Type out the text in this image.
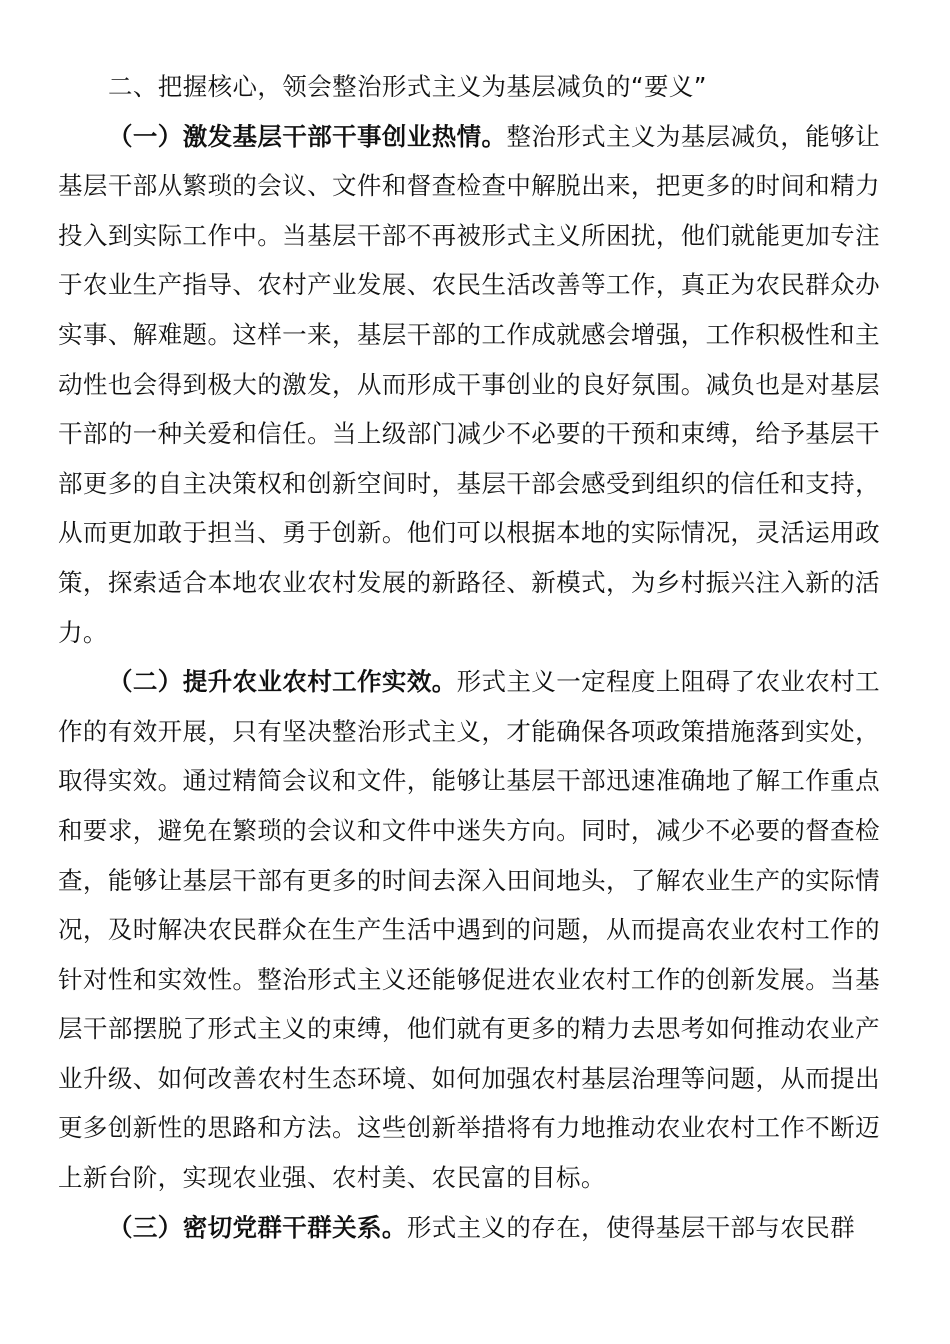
二、把握核心，领会整治形式主义为基层减负的“要义”

（一）激发基层干部干事创业热情。整治形式主义为基层减负，能够让基层干部从繁琐的会议、文件和督查检查中解脱出来，把更多的时间和精力投入到实际工作中。当基层干部不再被形式主义所困扰，他们就能更加专注于农业生产指导、农村产业发展、农民生活改善等工作，真正为农民群众办实事、解难题。这样一来，基层干部的工作成就感会增强，工作积极性和主动性也会得到极大的激发，从而形成干事创业的良好氛围。减负也是对基层干部的一种关爱和信任。当上级部门减少不必要的干预和束缚，给予基层干部更多的自主决策权和创新空间时，基层干部会感受到组织的信任和支持，从而更加敢于担当、勇于创新。他们可以根据本地的实际情况，灵活运用政策，探索适合本地农业农村发展的新路径、新模式，为乡村振兴注入新的活力。

（二）提升农业农村工作实效。形式主义一定程度上阻碍了农业农村工作的有效开展，只有坚决整治形式主义，才能确保各项政策措施落到实处，取得实效。通过精简会议和文件，能够让基层干部迅速准确地了解工作重点和要求，避免在繁琐的会议和文件中迷失方向。同时，减少不必要的督查检查，能够让基层干部有更多的时间去深入田间地头，了解农业生产的实际情况，及时解决农民群众在生产生活中遇到的问题，从而提高农业农村工作的针对性和实效性。整治形式主义还能够促进农业农村工作的创新发展。当基层干部摆脱了形式主义的束缚，他们就有更多的精力去思考如何推动农业产业升级、如何改善农村生态环境、如何加强农村基层治理等问题，从而提出更多创新性的思路和方法。这些创新举措将有力地推动农业农村工作不断迈上新台阶，实现农业强、农村美、农民富的目标。

（三）密切党群干群关系。形式主义的存在，使得基层干部与农民群
